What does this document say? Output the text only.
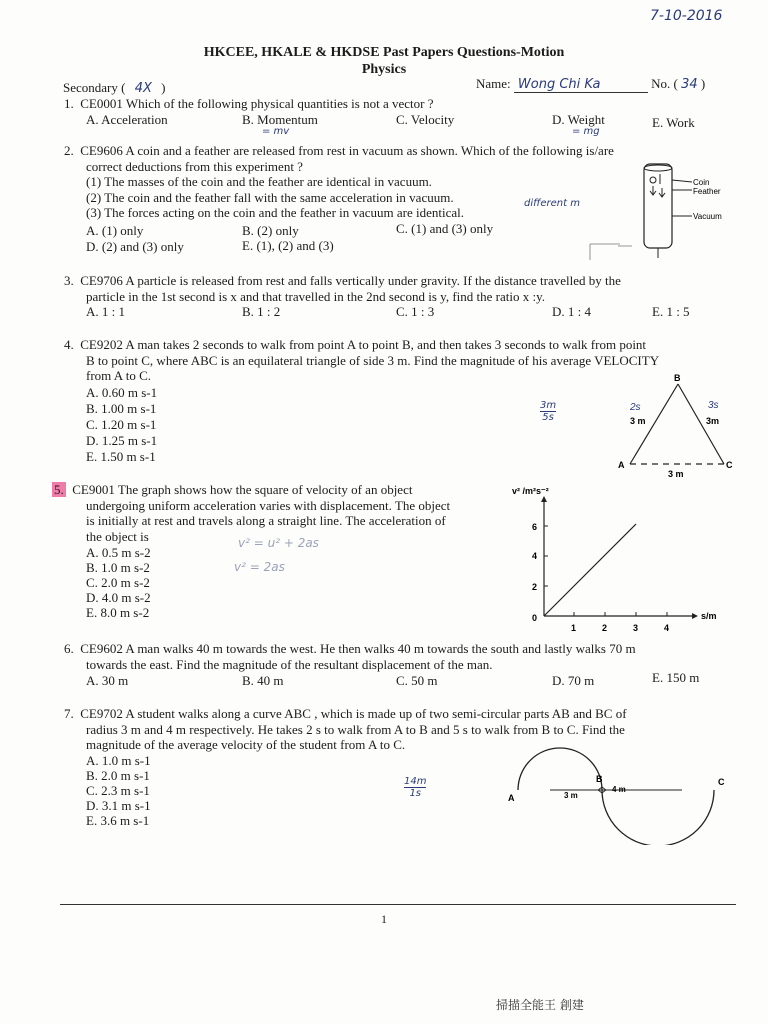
7-10-2016
HKCEE, HKALE & HKDSE Past Papers Questions-Motion
Physics
Secondary ( 4X )	Name: Wong Chi Ka	No. ( 34 )
1. CE0001 Which of the following physical quantities is not a vector ?
A. Acceleration	B. Momentum	C. Velocity	D. Weight	E. Work
= mv	= mg
2. CE9606 A coin and a feather are released from rest in vacuum as shown. Which of the following is/are
correct deductions from this experiment ?
(1) The masses of the coin and the feather are identical in vacuum.
(2) The coin and the feather fall with the same acceleration in vacuum.
(3) The forces acting on the coin and the feather in vacuum are identical.
different m
A. (1) only	B. (2) only	C. (1) and (3) only
D. (2) and (3) only	E. (1), (2) and (3)
Coin
Feather
Vacuum
3. CE9706 A particle is released from rest and falls vertically under gravity. If the distance travelled by the
particle in the 1st second is x and that travelled in the 2nd second is y, find the ratio x :y.
A. 1 : 1	B. 1 : 2	C. 1 : 3	D. 1 : 4	E. 1 : 5
4. CE9202 A man takes 2 seconds to walk from point A to point B, and then takes 3 seconds to walk from point
B to point C, where ABC is an equilateral triangle of side 3 m. Find the magnitude of his average VELOCITY
from A to C.
A. 0.60 m s-1
B. 1.00 m s-1
C. 1.20 m s-1
D. 1.25 m s-1
E. 1.50 m s-1
3m
5s
B
3 m	3m
A	C
3 m
2s	3s
5. CE9001 The graph shows how the square of velocity of an object
undergoing uniform acceleration varies with displacement. The object
is initially at rest and travels along a straight line. The acceleration of
the object is
A. 0.5 m s-2
B. 1.0 m s-2
C. 2.0 m s-2
D. 4.0 m s-2
E. 8.0 m s-2
v² = u² + 2as
v² = 2as
v² /m²s⁻²
s/m
6
4
2
0
1	2	3	4
6. CE9602 A man walks 40 m towards the west. He then walks 40 m towards the south and lastly walks 70 m
towards the east. Find the magnitude of the resultant displacement of the man.
A. 30 m	B. 40 m	C. 50 m	D. 70 m	E. 150 m
7. CE9702 A student walks along a curve ABC , which is made up of two semi-circular parts AB and BC of
radius 3 m and 4 m respectively. He takes 2 s to walk from A to B and 5 s to walk from B to C. Find the
magnitude of the average velocity of the student from A to C.
A. 1.0 m s-1
B. 2.0 m s-1
C. 2.3 m s-1
D. 3.1 m s-1
E. 3.6 m s-1
14m
1s	A
B	C
3 m
4 m
1
掃描全能王 創建
